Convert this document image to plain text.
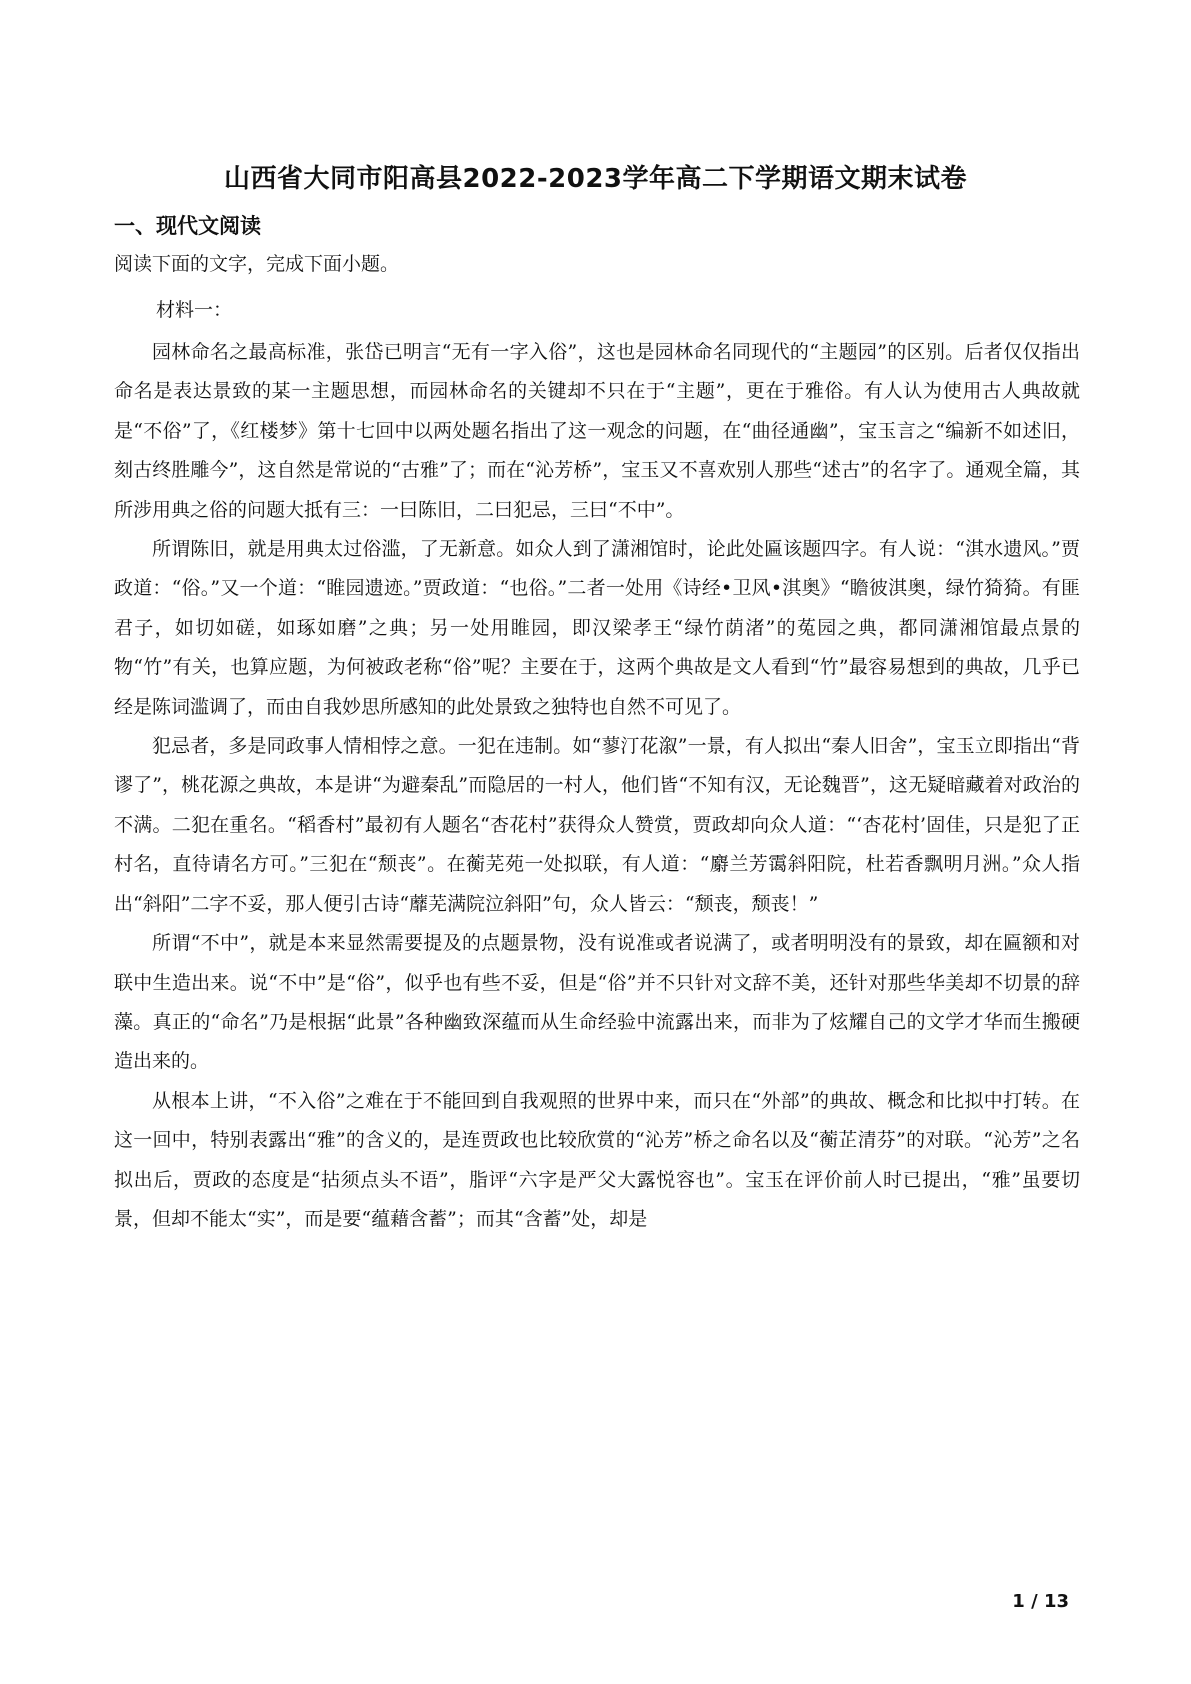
山西省大同市阳高县2022-2023学年高二下学期语文期末试卷
一、现代文阅读
阅读下面的文字，完成下面小题。
材料一：

园林命名之最高标准，张岱已明言“无有一字入俗”，这也是园林命名同现代的“主题园”的区别。后者仅仅指出命名是表达景致的某一主题思想，而园林命名的关键却不只在于“主题”，更在于雅俗。有人认为使用古人典故就是“不俗”了，《红楼梦》第十七回中以两处题名指出了这一观念的问题，在“曲径通幽”，宝玉言之“编新不如述旧，刻古终胜雕今”，这自然是常说的“古雅”了；而在“沁芳桥”，宝玉又不喜欢别人那些“述古”的名字了。通观全篇，其所涉用典之俗的问题大抵有三：一曰陈旧，二曰犯忌，三曰“不中”。

所谓陈旧，就是用典太过俗滥，了无新意。如众人到了潇湘馆时，论此处匾该题四字。有人说：“淇水遗风。”贾政道：“俗。”又一个道：“睢园遗迹。”贾政道：“也俗。”二者一处用《诗经•卫风•淇奥》“瞻彼淇奥，绿竹猗猗。有匪君子，如切如磋，如琢如磨”之典；另一处用睢园，即汉梁孝王“绿竹荫渚”的菟园之典，都同潇湘馆最点景的物“竹”有关，也算应题，为何被政老称“俗”呢？主要在于，这两个典故是文人看到“竹”最容易想到的典故，几乎已经是陈词滥调了，而由自我妙思所感知的此处景致之独特也自然不可见了。

犯忌者，多是同政事人情相悖之意。一犯在违制。如“蓼汀花溆”一景，有人拟出“秦人旧舍”，宝玉立即指出“背谬了”，桃花源之典故，本是讲“为避秦乱”而隐居的一村人，他们皆“不知有汉，无论魏晋”，这无疑暗藏着对政治的不满。二犯在重名。“稻香村”最初有人题名“杏花村”获得众人赞赏，贾政却向众人道：“‘杏花村’固佳，只是犯了正村名，直待请名方可。”三犯在“颓丧”。在蘅芜苑一处拟联，有人道：“麝兰芳霭斜阳院，杜若香飘明月洲。”众人指出“斜阳”二字不妥，那人便引古诗“蘼芜满院泣斜阳”句，众人皆云：“颓丧，颓丧！”

所谓“不中”，就是本来显然需要提及的点题景物，没有说准或者说满了，或者明明没有的景致，却在匾额和对联中生造出来。说“不中”是“俗”，似乎也有些不妥，但是“俗”并不只针对文辞不美，还针对那些华美却不切景的辞藻。真正的“命名”乃是根据“此景”各种幽致深蕴而从生命经验中流露出来，而非为了炫耀自己的文学才华而生搬硬造出来的。

从根本上讲，“不入俗”之难在于不能回到自我观照的世界中来，而只在“外部”的典故、概念和比拟中打转。在这一回中，特别表露出“雅”的含义的，是连贾政也比较欣赏的“沁芳”桥之命名以及“蘅芷清芬”的对联。“沁芳”之名拟出后，贾政的态度是“拈须点头不语”，脂评“六字是严父大露悦容也”。宝玉在评价前人时已提出，“雅”虽要切景，但却不能太“实”，而是要“蕴藉含蓄”；而其“含蓄”处，却是

1 / 13
